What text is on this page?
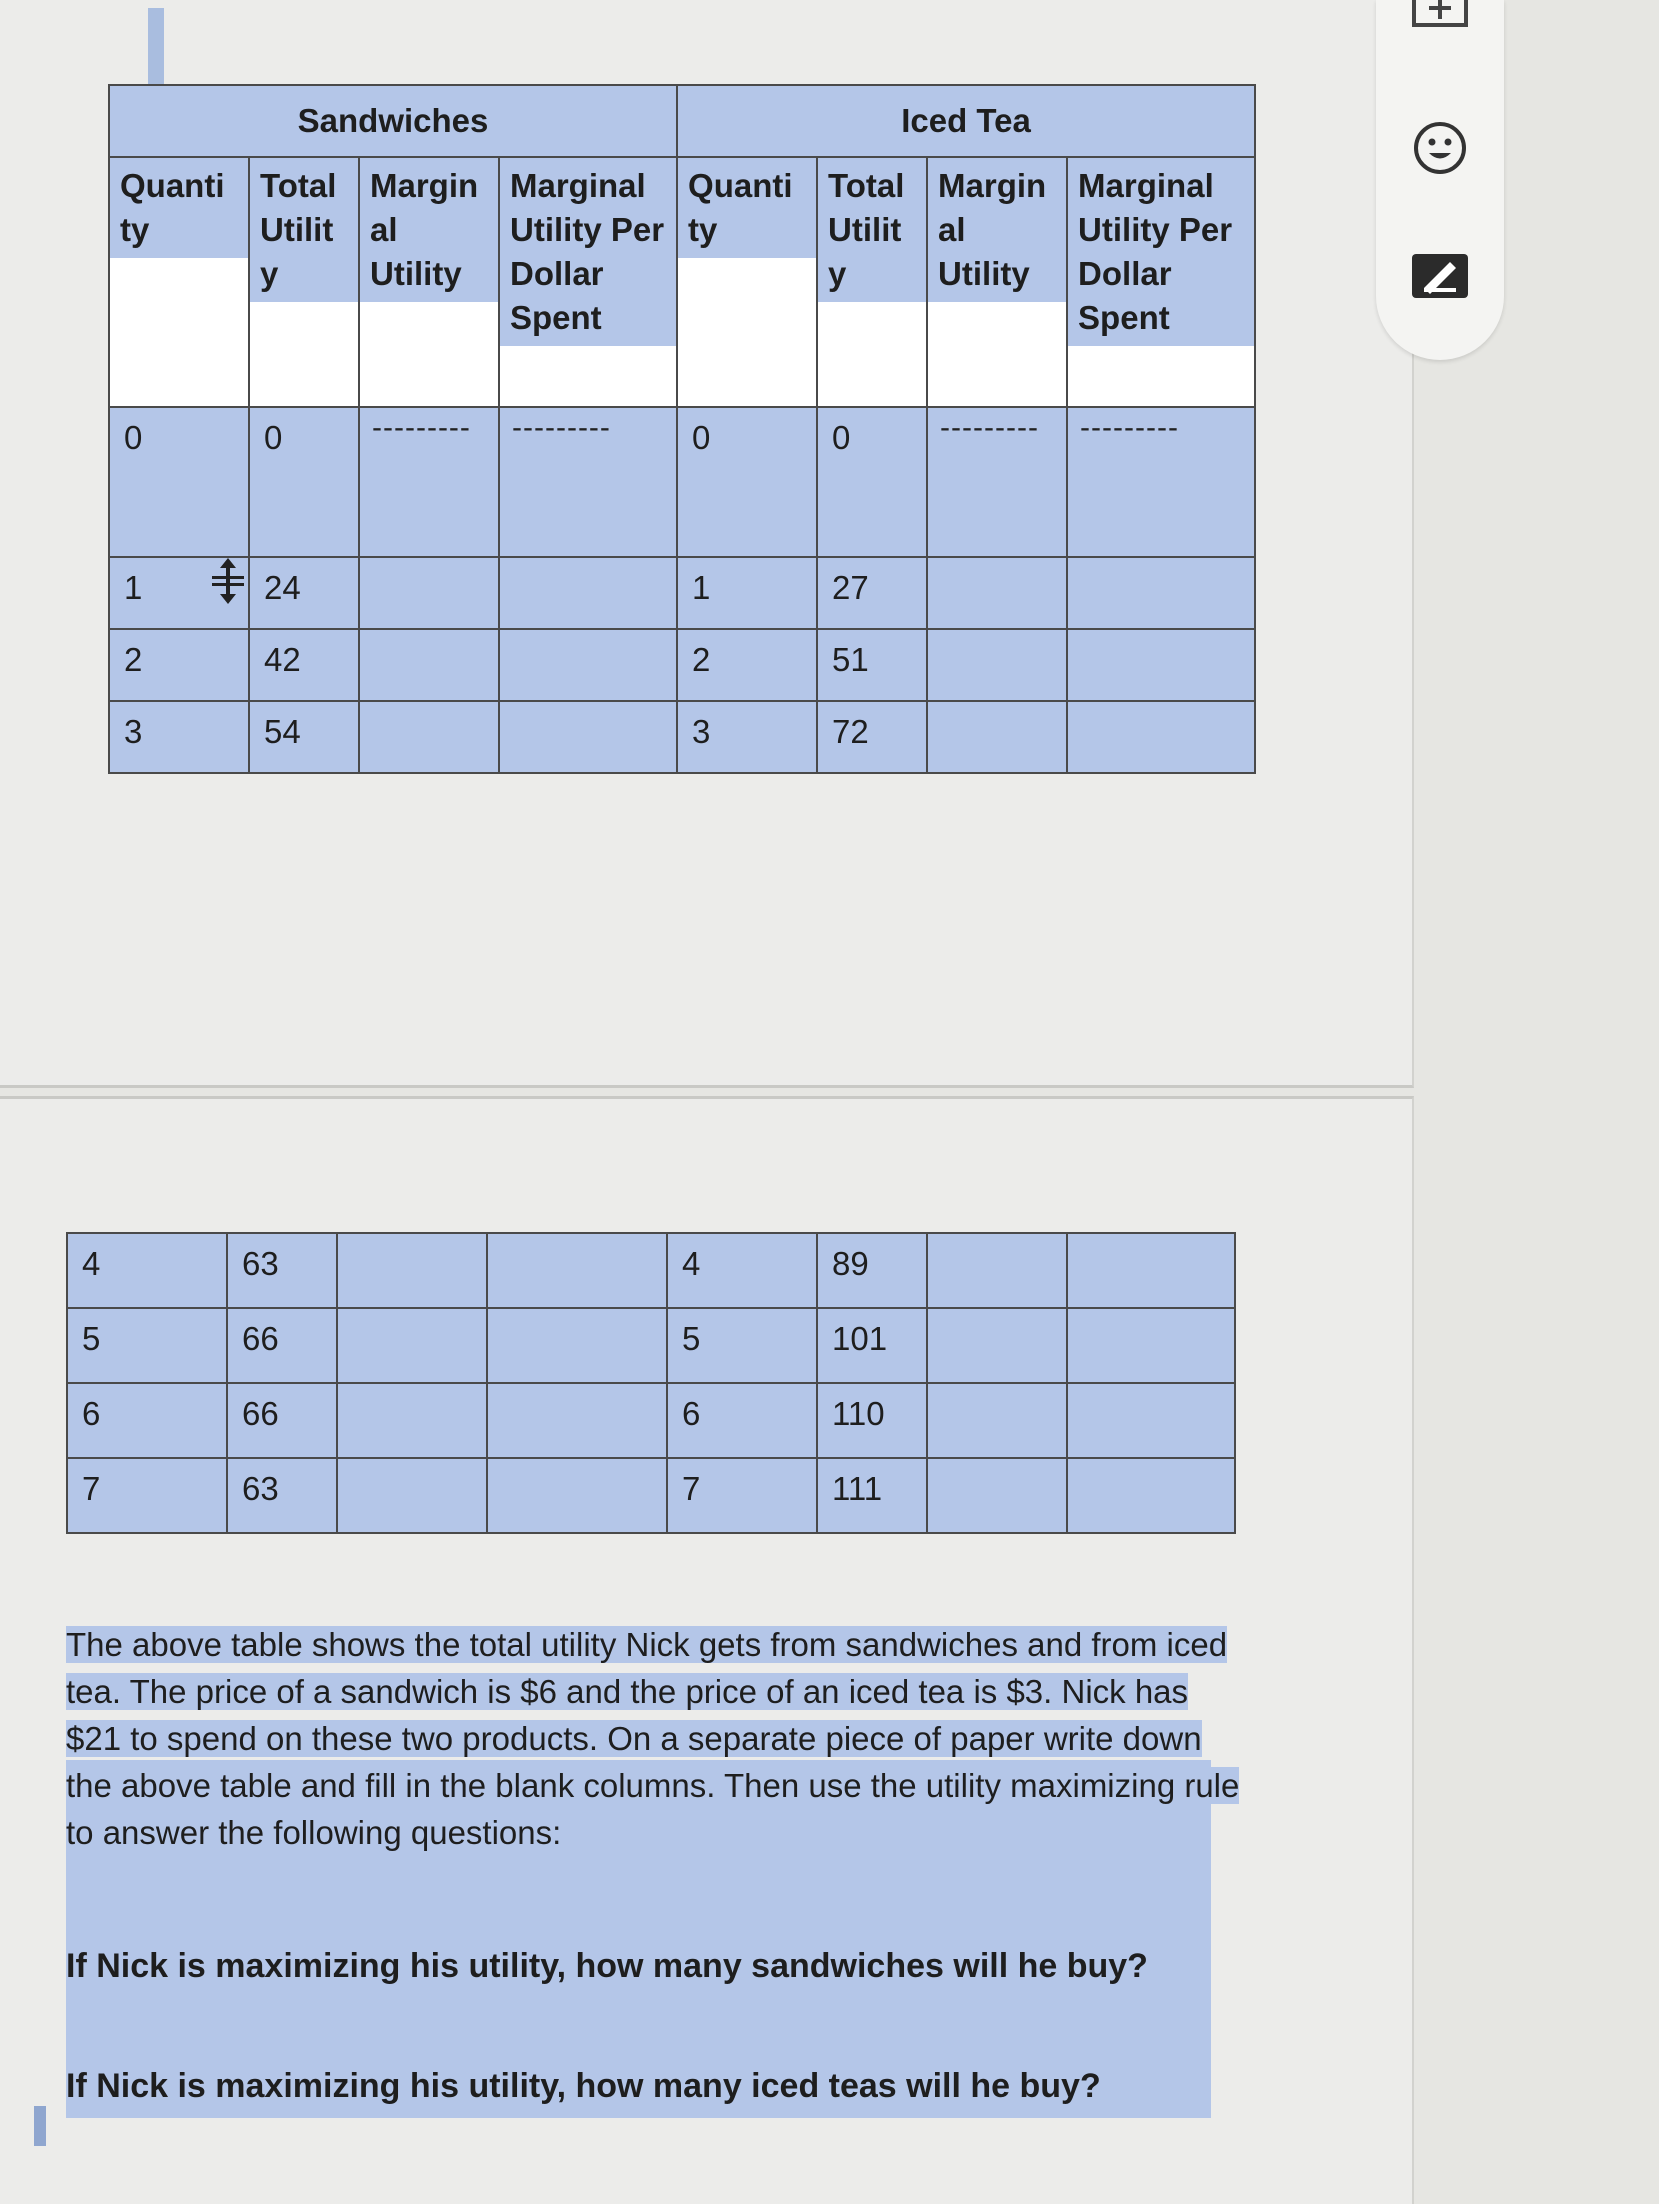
Sandwiches				Iced Tea			

Quanti ty	Total Utilit y	Margin al Utility	Marginal Utility Per Dollar Spent	Quanti ty	Total Utilit y	Margin al Utility	Marginal Utility Per Dollar Spent

0	0	---------	---------	0	0	---------	---------

1	24			1	27		

2	42			2	51		

3	54			3	72		

4	63			4	89		

5	66			5	101		

6	66			6	110		

7	63			7	111		

The above table shows the total utility Nick gets from sandwiches and from iced tea. The price of a sandwich is $6 and the price of an iced tea is $3. Nick has $21 to spend on these two products. On a separate piece of paper write down the above table and fill in the blank columns. Then use the utility maximizing rule to answer the following questions:

If Nick is maximizing his utility, how many sandwiches will he buy?

If Nick is maximizing his utility, how many iced teas will he buy?
